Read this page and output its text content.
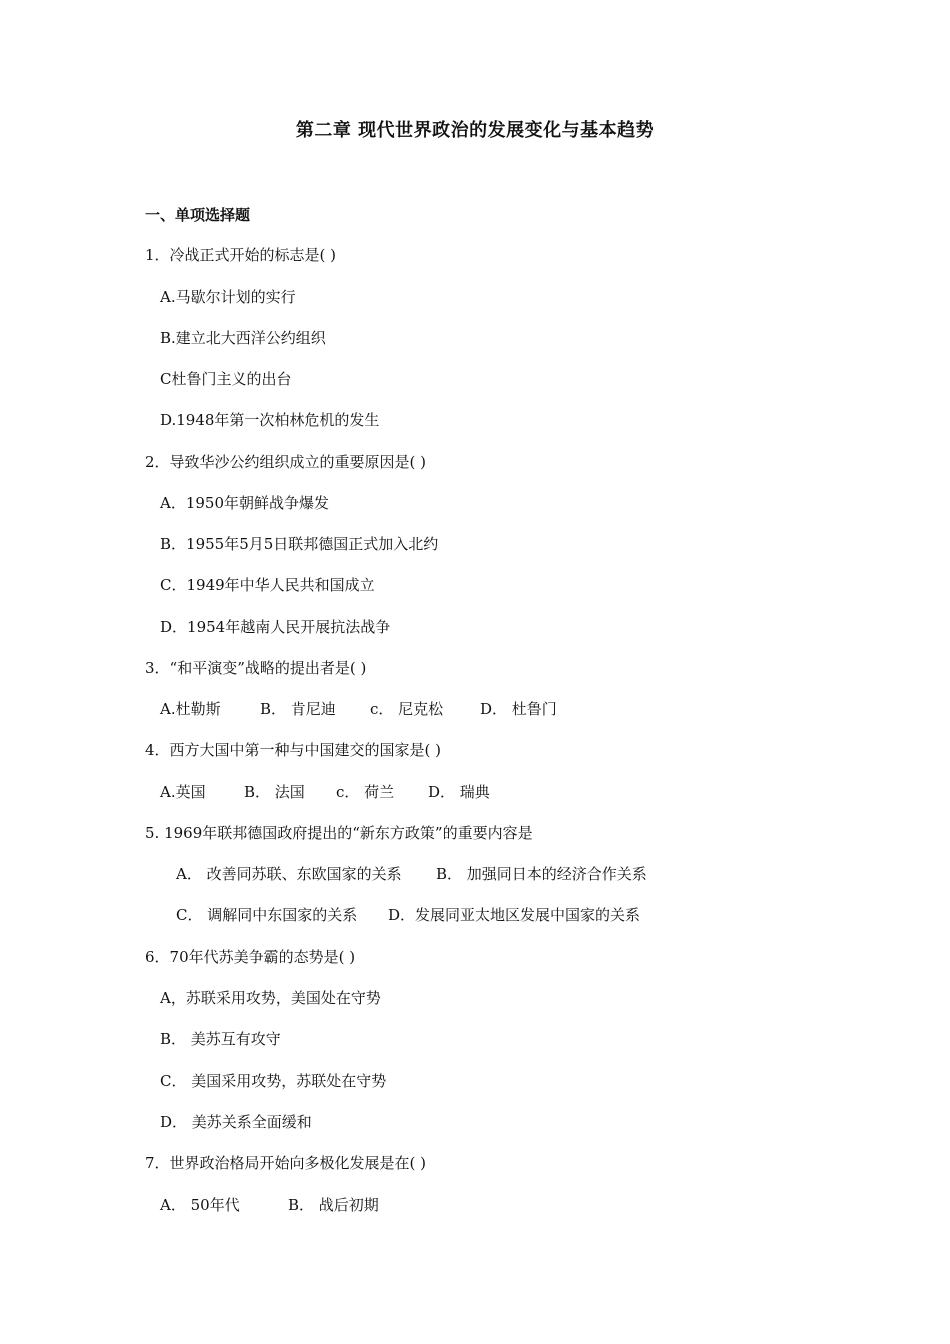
第二章 现代世界政治的发展变化与基本趋势
一、单项选择题
1．冷战正式开始的标志是( )
A.马歇尔计划的实行
B.建立北大西洋公约组织
C杜鲁门主义的出台
D.1948年第一次柏林危机的发生
2．导致华沙公约组织成立的重要原因是( )
A．1950年朝鲜战争爆发
B．1955年5月5日联邦德国正式加入北约
C．1949年中华人民共和国成立
D．1954年越南人民开展抗法战争
3．“和平演变”战略的提出者是( )
A.杜勒斯	B． 肯尼迪 c． 尼克松 D． 杜鲁门
4．西方大国中第一种与中国建交的国家是( )
A.英国	B． 法国 c． 荷兰 D． 瑞典
5. 1969年联邦德国政府提出的“新东方政策”的重要内容是
A． 改善同苏联、东欧国家的关系 B． 加强同日本的经济合作关系
C． 调解同中东国家的关系 D．发展同亚太地区发展中国家的关系
6．70年代苏美争霸的态势是( )
A，苏联采用攻势，美国处在守势
B． 美苏互有攻守
C． 美国采用攻势，苏联处在守势
D． 美苏关系全面缓和
7．世界政治格局开始向多极化发展是在( )
A． 50年代	B． 战后初期
